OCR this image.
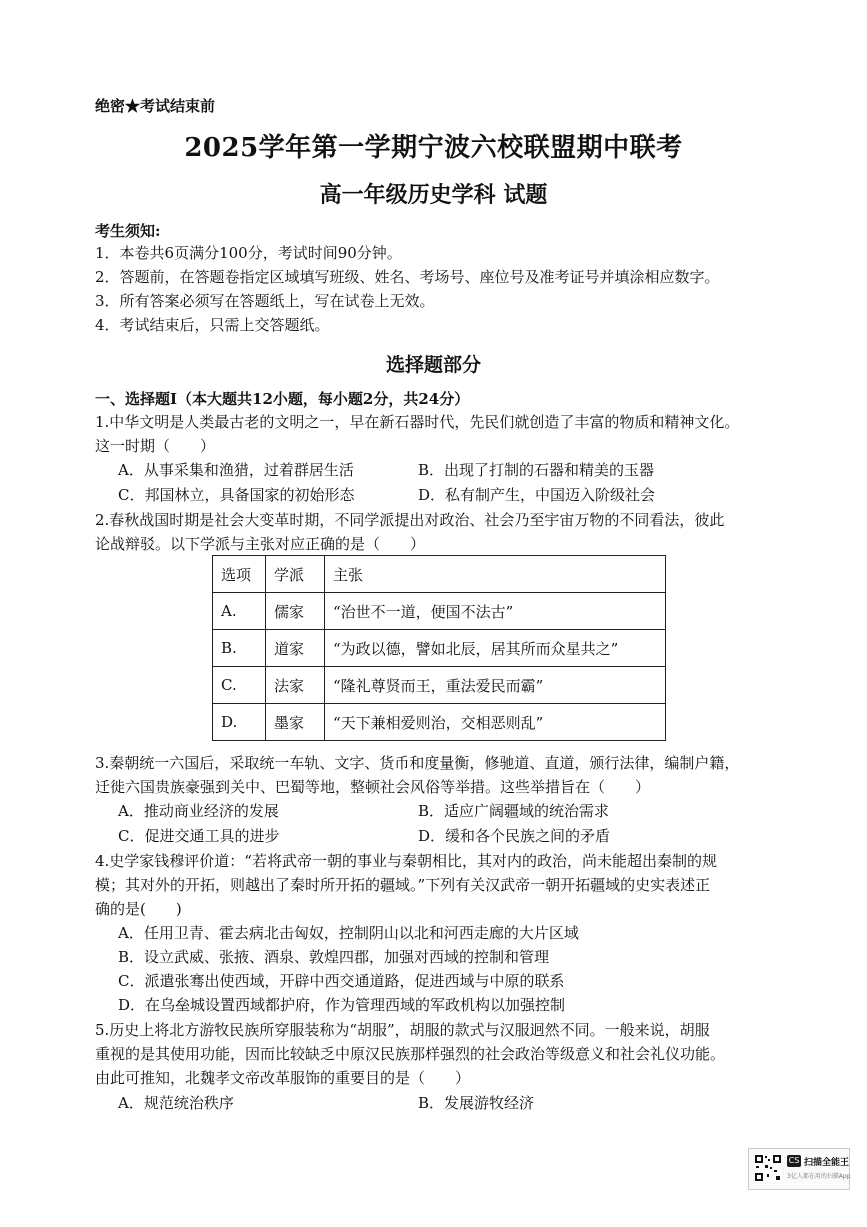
绝密★考试结束前
2025学年第一学期宁波六校联盟期中联考
高一年级历史学科 试题
考生须知:
1．本卷共6页满分100分，考试时间90分钟。
2．答题前，在答题卷指定区域填写班级、姓名、考场号、座位号及准考证号并填涂相应数字。
3．所有答案必须写在答题纸上，写在试卷上无效。
4．考试结束后，只需上交答题纸。
选择题部分
一、选择题Ⅰ（本大题共12小题，每小题2分，共24分）
1.中华文明是人类最古老的文明之一，早在新石器时代，先民们就创造了丰富的物质和精神文化。
这一时期（　　）
A．从事采集和渔猎，过着群居生活	B．出现了打制的石器和精美的玉器
C．邦国林立，具备国家的初始形态	D．私有制产生，中国迈入阶级社会
2.春秋战国时期是社会大变革时期，不同学派提出对政治、社会乃至宇宙万物的不同看法，彼此
论战辩驳。以下学派与主张对应正确的是（　　）
选项	学派	主张
A.	儒家	“治世不一道，便国不法古”
B.	道家	“为政以德，譬如北辰，居其所而众星共之”
C.	法家	“隆礼尊贤而王，重法爱民而霸”
D.	墨家	“天下兼相爱则治，交相恶则乱”
3.秦朝统一六国后，采取统一车轨、文字、货币和度量衡，修驰道、直道，颁行法律，编制户籍，
迁徙六国贵族豪强到关中、巴蜀等地，整顿社会风俗等举措。这些举措旨在（　　）
A．推动商业经济的发展	B．适应广阔疆域的统治需求
C．促进交通工具的进步	D．缓和各个民族之间的矛盾
4.史学家钱穆评价道：“若将武帝一朝的事业与秦朝相比，其对内的政治，尚未能超出秦制的规
模；其对外的开拓，则越出了秦时所开拓的疆域。”下列有关汉武帝一朝开拓疆域的史实表述正
确的是(　　)
A．任用卫青、霍去病北击匈奴，控制阴山以北和河西走廊的大片区域
B．设立武威、张掖、酒泉、敦煌四郡，加强对西域的控制和管理
C．派遣张骞出使西域，开辟中西交通道路，促进西域与中原的联系
D．在乌垒城设置西域都护府，作为管理西域的军政机构以加强控制
5.历史上将北方游牧民族所穿服装称为“胡服”，胡服的款式与汉服迥然不同。一般来说，胡服
重视的是其使用功能，因而比较缺乏中原汉民族那样强烈的社会政治等级意义和社会礼仪功能。
由此可推知，北魏孝文帝改革服饰的重要目的是（　　）
A．规范统治秩序	B．发展游牧经济
CS 扫描全能王
3亿人都在用的扫描App
